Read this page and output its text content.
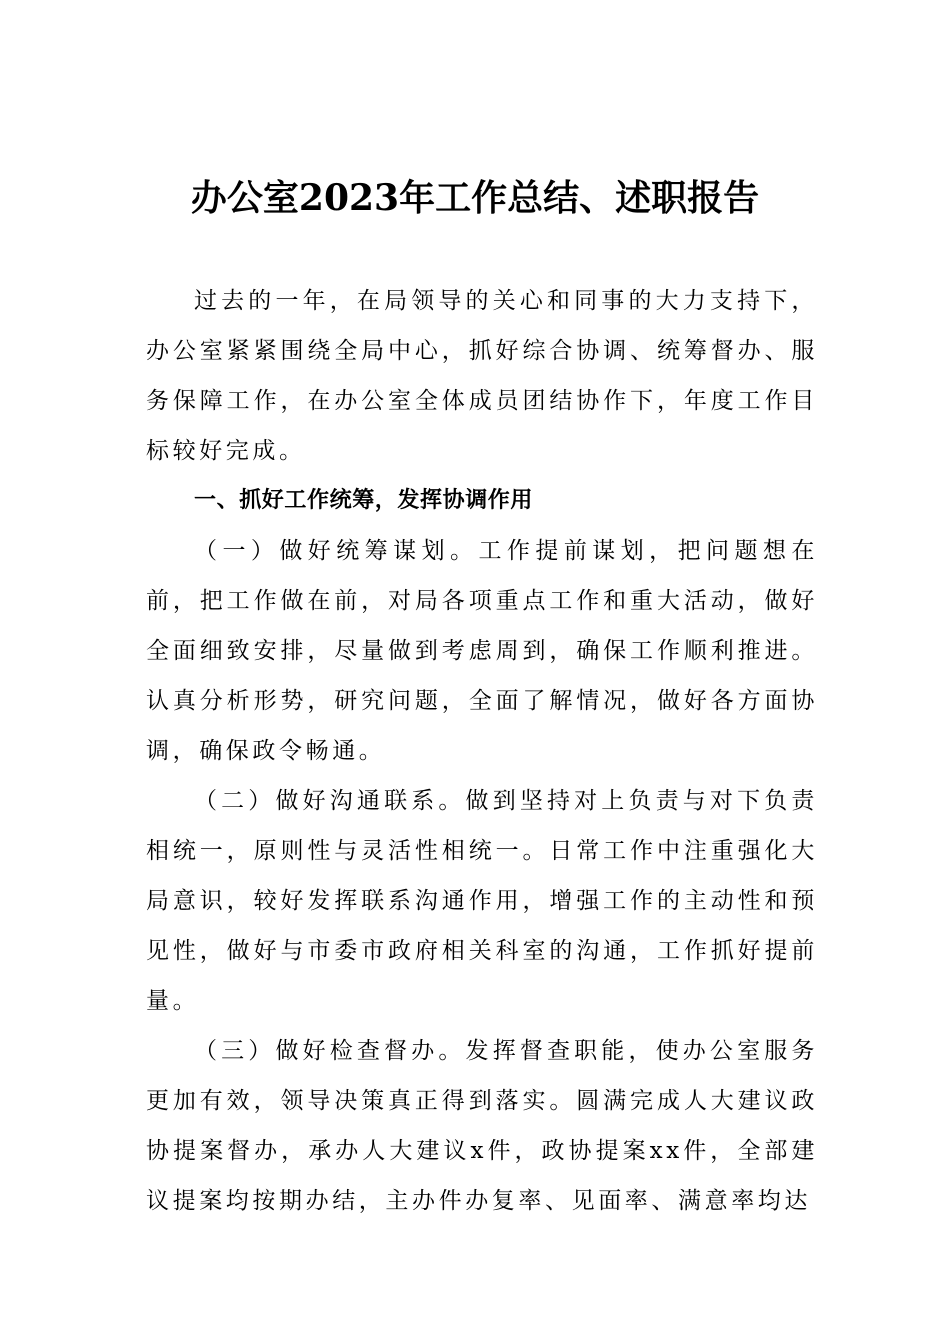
办公室2023年工作总结、述职报告

过去的一年，在局领导的关心和同事的大力支持下，办公室紧紧围绕全局中心，抓好综合协调、统筹督办、服务保障工作，在办公室全体成员团结协作下，年度工作目标较好完成。

一、抓好工作统筹，发挥协调作用

（一）做好统筹谋划。工作提前谋划，把问题想在前，把工作做在前，对局各项重点工作和重大活动，做好全面细致安排，尽量做到考虑周到，确保工作顺利推进。认真分析形势，研究问题，全面了解情况，做好各方面协调，确保政令畅通。

（二）做好沟通联系。做到坚持对上负责与对下负责相统一，原则性与灵活性相统一。日常工作中注重强化大局意识，较好发挥联系沟通作用，增强工作的主动性和预见性，做好与市委市政府相关科室的沟通，工作抓好提前量。

（三）做好检查督办。发挥督查职能，使办公室服务更加有效，领导决策真正得到落实。圆满完成人大建议政协提案督办，承办人大建议x件，政协提案xx件，全部建议提案均按期办结，主办件办复率、见面率、满意率均达
